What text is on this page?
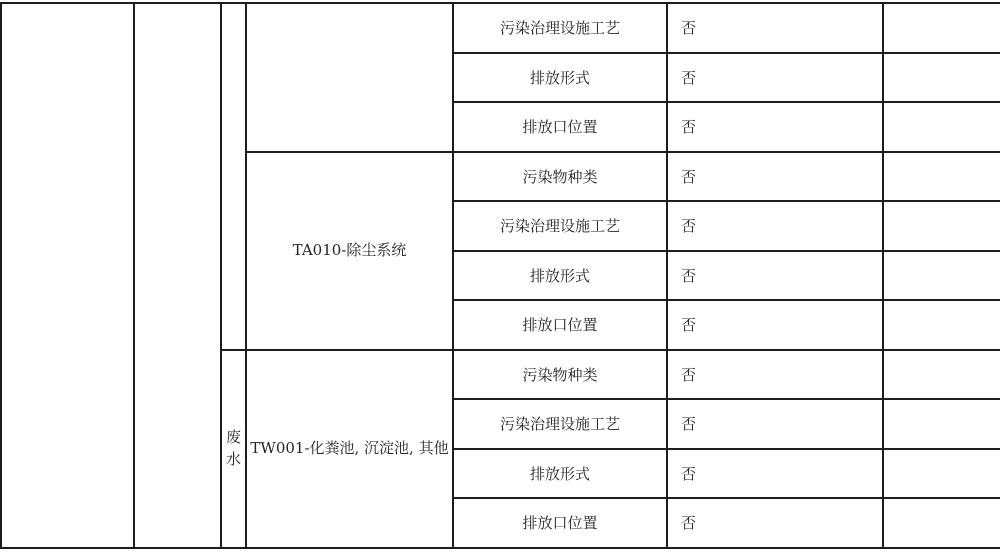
				污染治理设施工艺	否	
				排放形式	否	
				排放口位置	否	
			TA010-除尘系统	污染物种类	否	
				污染治理设施工艺	否	
				排放形式	否	
				排放口位置	否	
		废水	TW001-化粪池, 沉淀池, 其他	污染物种类	否	
				污染治理设施工艺	否	
				排放形式	否	
				排放口位置	否	
